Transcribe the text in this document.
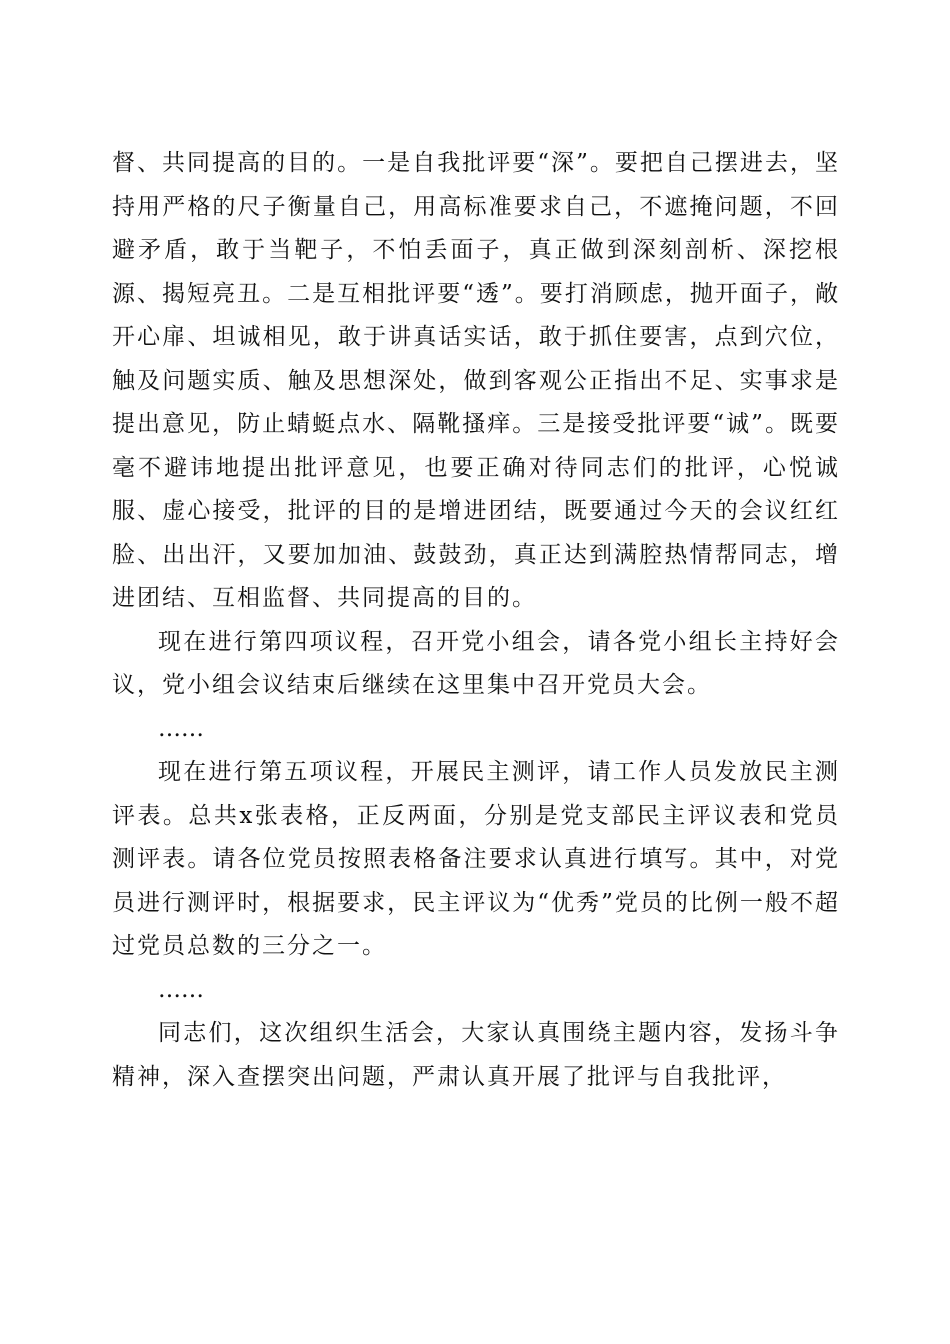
督、共同提高的目的。一是自我批评要“深”。要把自己摆进去，坚持用严格的尺子衡量自己，用高标准要求自己，不遮掩问题，不回避矛盾，敢于当靶子，不怕丢面子，真正做到深刻剖析、深挖根源、揭短亮丑。二是互相批评要“透”。要打消顾虑，抛开面子，敞开心扉、坦诚相见，敢于讲真话实话，敢于抓住要害，点到穴位，触及问题实质、触及思想深处，做到客观公正指出不足、实事求是提出意见，防止蜻蜓点水、隔靴搔痒。三是接受批评要“诚”。既要毫不避讳地提出批评意见，也要正确对待同志们的批评，心悦诚服、虚心接受，批评的目的是增进团结，既要通过今天的会议红红脸、出出汗，又要加加油、鼓鼓劲，真正达到满腔热情帮同志，增进团结、互相监督、共同提高的目的。

现在进行第四项议程，召开党小组会，请各党小组长主持好会议，党小组会议结束后继续在这里集中召开党员大会。

……

现在进行第五项议程，开展民主测评，请工作人员发放民主测评表。总共x张表格，正反两面，分别是党支部民主评议表和党员测评表。请各位党员按照表格备注要求认真进行填写。其中，对党员进行测评时，根据要求，民主评议为“优秀”党员的比例一般不超过党员总数的三分之一。

……

同志们，这次组织生活会，大家认真围绕主题内容，发扬斗争精神，深入查摆突出问题，严肃认真开展了批评与自我批评，
